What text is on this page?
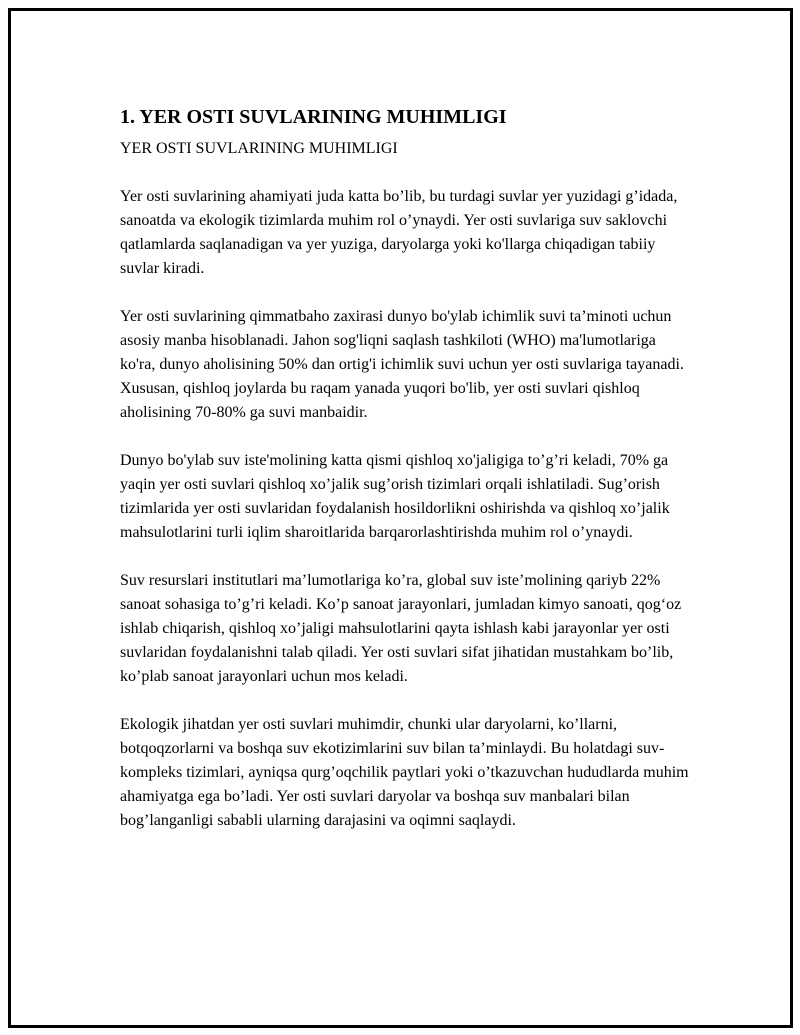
1. YER OSTI SUVLARINING MUHIMLIGI
YER OSTI SUVLARINING MUHIMLIGI

Yer osti suvlarining ahamiyati juda katta bo’lib, bu turdagi suvlar yer yuzidagi g’idada, sanoatda va ekologik tizimlarda muhim rol o’ynaydi. Yer osti suvlariga suv saklovchi qatlamlarda saqlanadigan va yer yuziga, daryolarga yoki ko'llarga chiqadigan tabiiy suvlar kiradi.

Yer osti suvlarining qimmatbaho zaxirasi dunyo bo'ylab ichimlik suvi ta’minoti uchun asosiy manba hisoblanadi. Jahon sog'liqni saqlash tashkiloti (WHO) ma'lumotlariga ko'ra, dunyo aholisining 50% dan ortig'i ichimlik suvi uchun yer osti suvlariga tayanadi. Xususan, qishloq joylarda bu raqam yanada yuqori bo'lib, yer osti suvlari qishloq aholisining 70-80% ga suvi manbaidir.

Dunyo bo'ylab suv iste'molining katta qismi qishloq xo'jaligiga to’g’ri keladi, 70% ga yaqin yer osti suvlari qishloq xo’jalik sug’orish tizimlari orqali ishlatiladi. Sug’orish tizimlarida yer osti suvlaridan foydalanish hosildorlikni oshirishda va qishloq xo’jalik mahsulotlarini turli iqlim sharoitlarida barqarorlashtirishda muhim rol o’ynaydi.

Suv resurslari institutlari ma’lumotlariga ko’ra, global suv iste’molining qariyb 22% sanoat sohasiga to’g’ri keladi. Ko’p sanoat jarayonlari, jumladan kimyo sanoati, qog‘oz ishlab chiqarish, qishloq xo’jaligi mahsulotlarini qayta ishlash kabi jarayonlar yer osti suvlaridan foydalanishni talab qiladi. Yer osti suvlari sifat jihatidan mustahkam bo’lib, ko’plab sanoat jarayonlari uchun mos keladi.

Ekologik jihatdan yer osti suvlari muhimdir, chunki ular daryolarni, ko’llarni, botqoqzorlarni va boshqa suv ekotizimlarini suv bilan ta’minlaydi. Bu holatdagi suv-kompleks tizimlari, ayniqsa qurg’oqchilik paytlari yoki o’tkazuvchan hududlarda muhim ahamiyatga ega bo’ladi. Yer osti suvlari daryolar va boshqa suv manbalari bilan bog’langanligi sababli ularning darajasini va oqimni saqlaydi.
